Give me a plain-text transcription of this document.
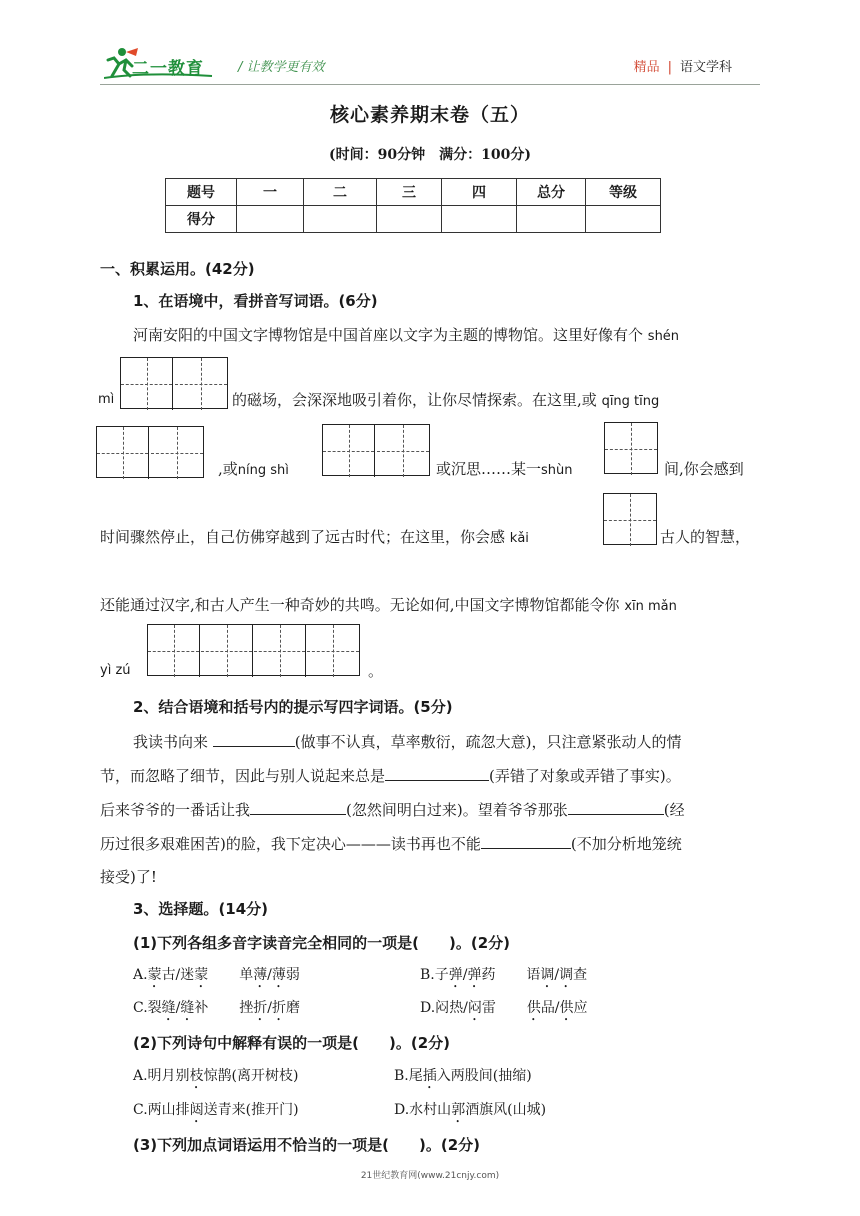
二一教育	/ 让教学更有效	精品 | 语文学科
核心素养期末卷（五）
(时间：90分钟　满分：100分)
题号	一	二	三	四	总分	等级
得分						
一、积累运用。(42分)
1、在语境中，看拼音写词语。(6分)
河南安阳的中国文字博物馆是中国首座以文字为主题的博物馆。这里好像有个 shén
mì	的磁场，会深深地吸引着你，让你尽情探索。在这里,或 qīng tīng
,或níng shì	或沉思……某一shùn	间,你会感到
时间骤然停止，自己仿佛穿越到了远古时代；在这里，你会感 kǎi	古人的智慧，
还能通过汉字,和古人产生一种奇妙的共鸣。无论如何,中国文字博物馆都能令你 xīn mǎn
yì zú	。
2、结合语境和括号内的提示写四字词语。(5分)
我读书向来	(做事不认真，草率敷衍，疏忽大意)，只注意紧张动人的情
节，而忽略了细节，因此与别人说起来总是	(弄错了对象或弄错了事实)。
后来爷爷的一番话让我	(忽然间明白过来)。望着爷爷那张	(经
历过很多艰难困苦)的脸，我下定决心———读书再也不能	(不加分析地笼统
接受)了!
3、选择题。(14分)
(1)下列各组多音字读音完全相同的一项是(　　)。(2分)
A.蒙古/迷蒙 单薄/薄弱	B.子弹/弹药 语调/调查
C.裂缝/缝补 挫折/折磨	D.闷热/闷雷 供品/供应
(2)下列诗句中解释有误的一项是(　　)。(2分)
A.明月别枝惊鹊(离开树枝)	B.尾插入两股间(抽缩)
C.两山排闼送青来(推开门)	D.水村山郭酒旗风(山城)
(3)下列加点词语运用不恰当的一项是(　　)。(2分)
21世纪教育网(www.21cnjy.com)
